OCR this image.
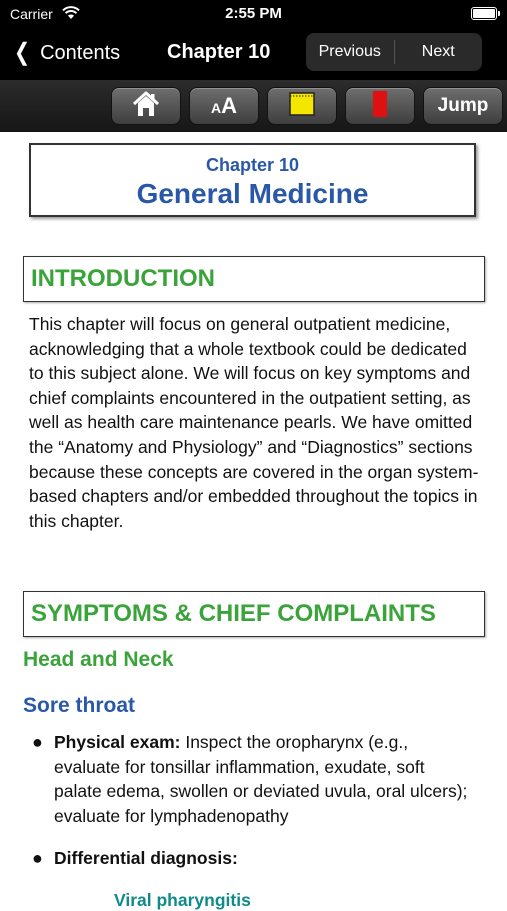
Carrier	2:55 PM
❮ Contents Chapter 10	Previous	Next
AA	Jump
Chapter 10
General Medicine
INTRODUCTION
This chapter will focus on general outpatient medicine, acknowledging that a whole textbook could be dedicated to this subject alone. We will focus on key symptoms and chief complaints encountered in the outpatient setting, as well as health care maintenance pearls. We have omitted the “Anatomy and Physiology” and “Diagnostics” sections because these concepts are covered in the organ system-based chapters and/or embedded throughout the topics in this chapter.
SYMPTOMS & CHIEF COMPLAINTS
Head and Neck
Sore throat
● Physical exam: Inspect the oropharynx (e.g., evaluate for tonsillar inflammation, exudate, soft palate edema, swollen or deviated uvula, oral ulcers); evaluate for lymphadenopathy
● Differential diagnosis:
Viral pharyngitis
